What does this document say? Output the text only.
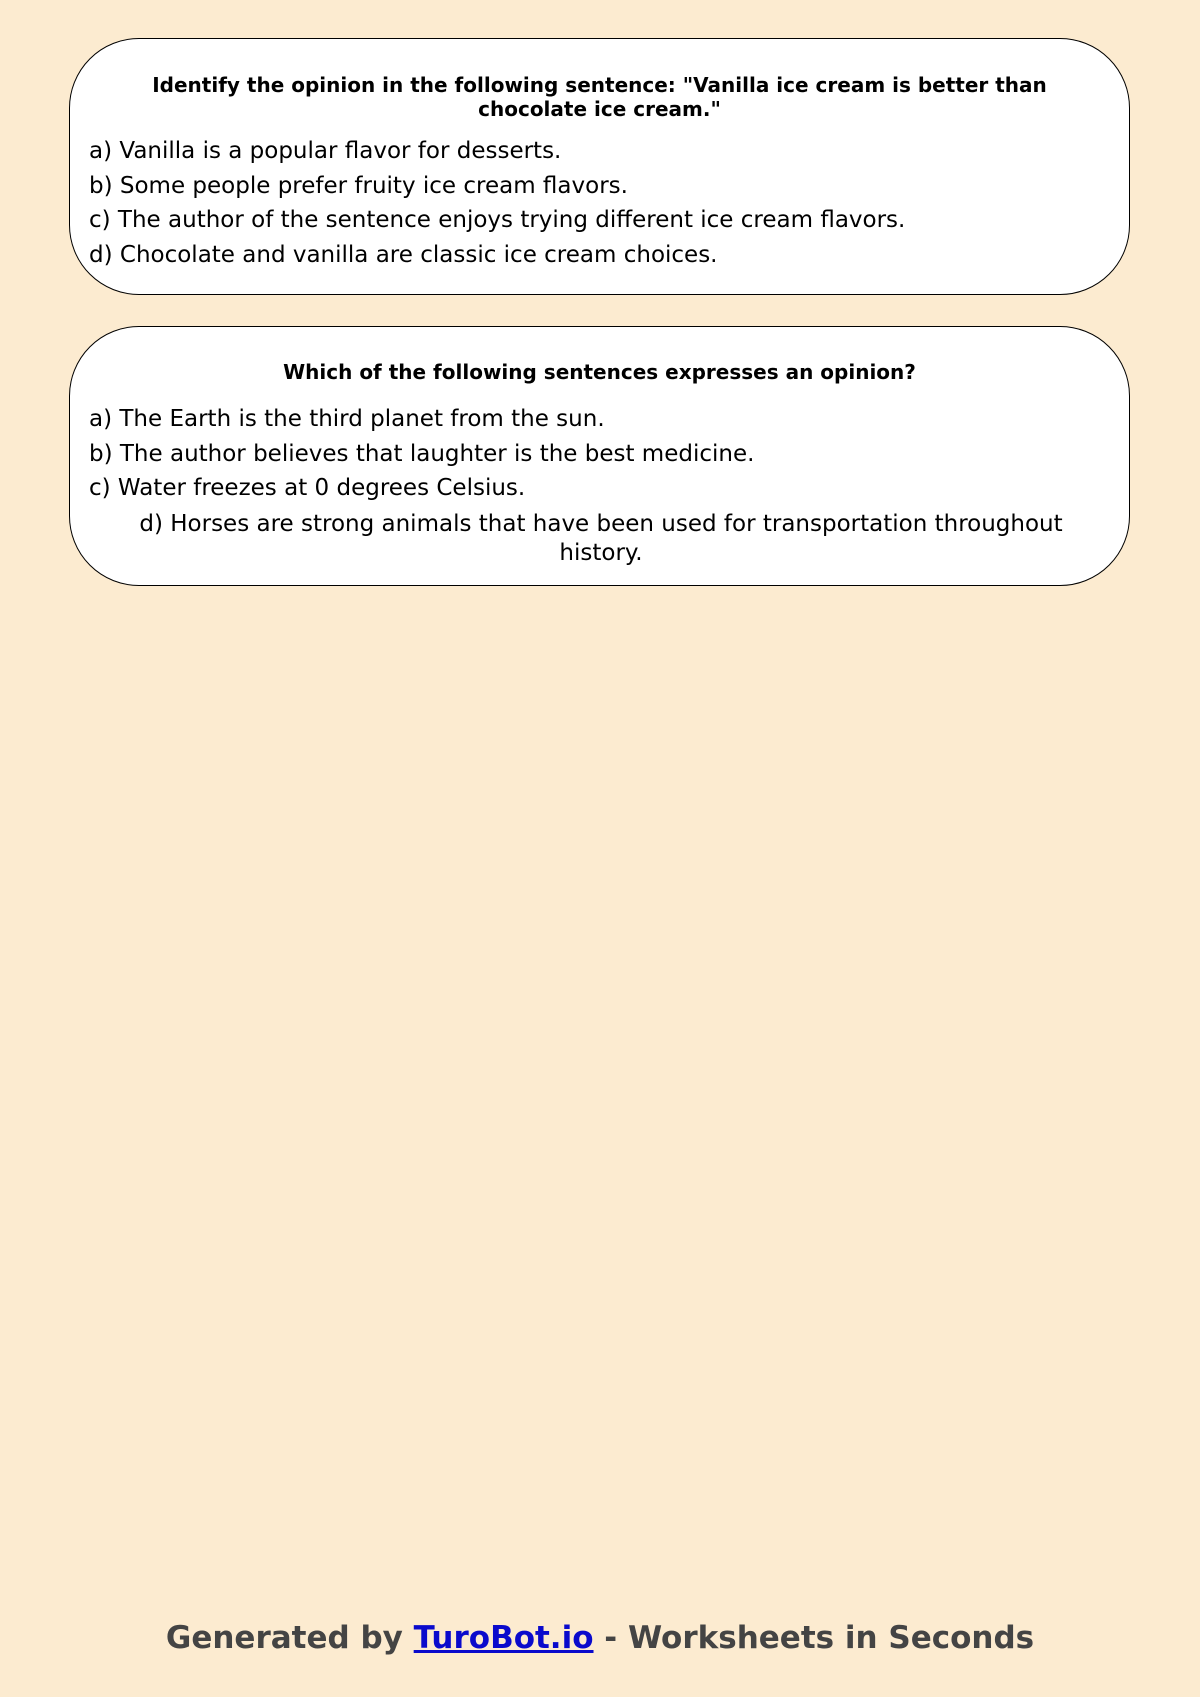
Identify the opinion in the following sentence: "Vanilla ice cream is better than chocolate ice cream."

a) Vanilla is a popular flavor for desserts.
b) Some people prefer fruity ice cream flavors.
c) The author of the sentence enjoys trying different ice cream flavors.
d) Chocolate and vanilla are classic ice cream choices.

Which of the following sentences expresses an opinion?

a) The Earth is the third planet from the sun.
b) The author believes that laughter is the best medicine.
c) Water freezes at 0 degrees Celsius.
d) Horses are strong animals that have been used for transportation throughout history.
Generated by TuroBot.io - Worksheets in Seconds
